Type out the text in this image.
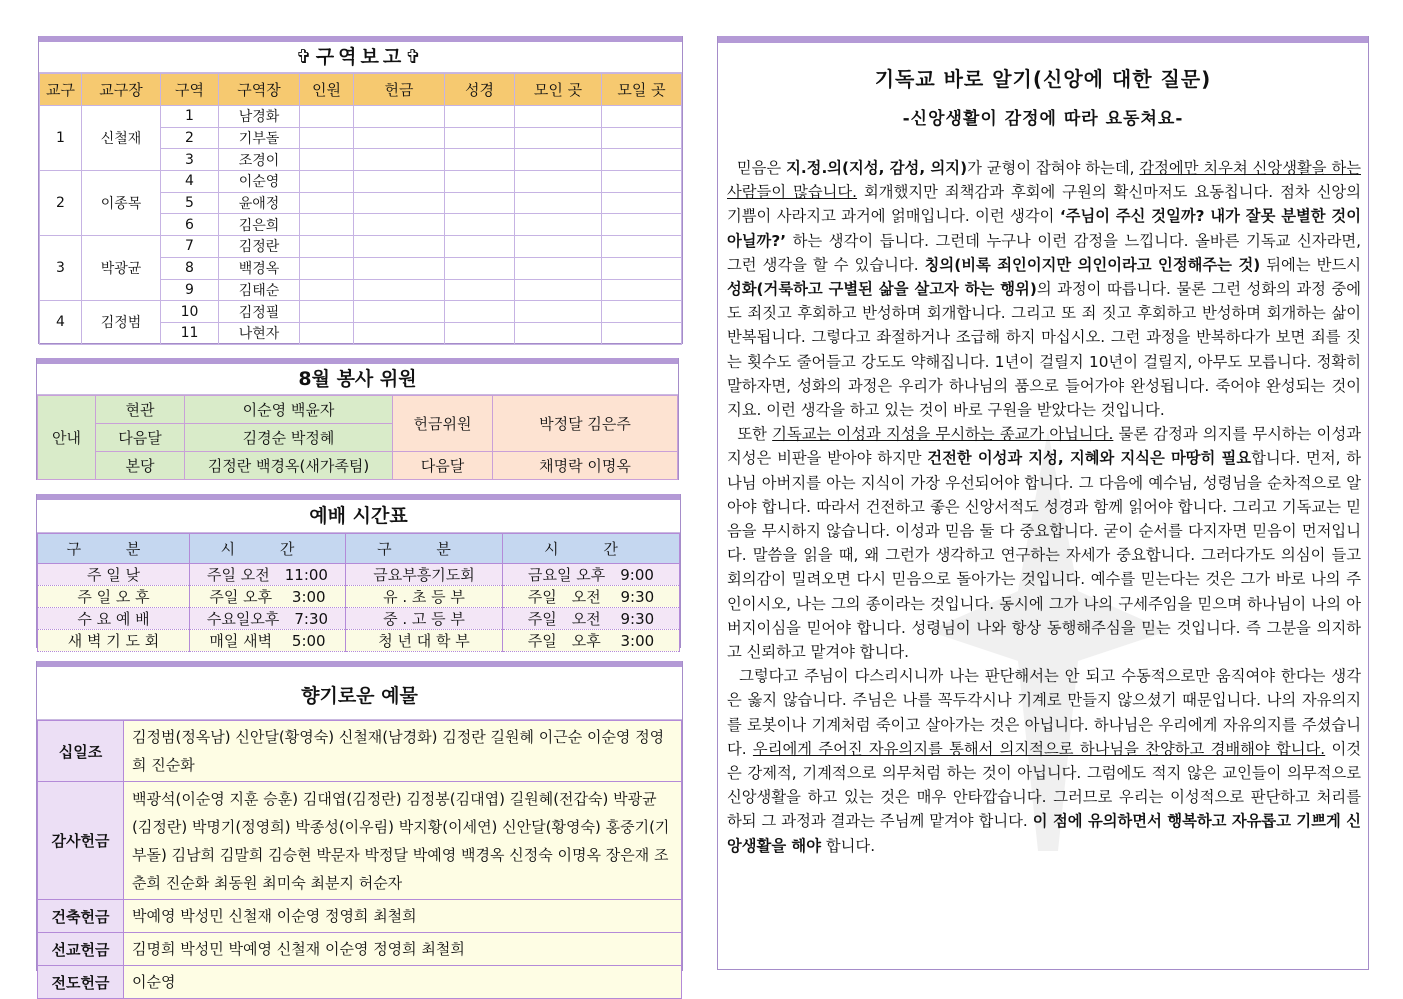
✞구역보고✞
교구	교구장	구역	구역장	인원	헌금	성경	모인 곳	모일 곳
1	신철재	1	남경화					
		2	기부돌					
		3	조경이					
2	이종목	4	이순영					
		5	윤애정					
		6	김은희					
3	박광균	7	김정란					
		8	백경옥					
		9	김태순					
4	김정범	10	김정필					
		11	나현자					
8월 봉사 위원
안내	현관	이순영 백윤자	헌금위원	박정달 김은주
	다음달	김경순 박정혜		
	본당	김정란 백경옥(새가족팀)	다음달	채명락 이명옥
예배 시간표
구 분	시 간	구 분	시 간
주 일 낮	주일 오전　11:00	금요부흥기도회	금요일 오후　9:00
주 일 오 후	주일 오후　 3:00	유 . 초 등 부	주일　오전　 9:30
수 요 예 배	수요일오후　7:30	중 . 고 등 부	주일　오전　 9:30
새 벽 기 도 회	매일 새벽　 5:00	청 년 대 학 부	주일　오후　 3:00
향기로운 예물
십일조	김정범(정옥남) 신안달(황영숙) 신철재(남경화) 김정란 길원혜 이근순 이순영 정영희 진순화
감사헌금	백광석(이순영 지훈 승훈) 김대엽(김정란) 김정봉(김대엽) 길원혜(전갑숙) 박광균(김정란) 박명기(정영희) 박종성(이우림) 박지황(이세연) 신안달(황영숙) 홍중기(기부돌) 김남희 김말희 김승현 박문자 박정달 박예영 백경옥 신정숙 이명옥 장은재 조춘희 진순화 최동원 최미숙 최분지 허순자
건축헌금	박예영 박성민 신철재 이순영 정영희 최철희
선교헌금	김명희 박성민 박예영 신철재 이순영 정영희 최철희
전도헌금	이순영
기독교 바로 알기(신앙에 대한 질문)
-신앙생활이 감정에 따라 요동쳐요-

믿음은 지.정.의(지성, 감성, 의지)가 균형이 잡혀야 하는데, 감정에만 치우쳐 신앙생활을 하는 사람들이 많습니다. 회개했지만 죄책감과 후회에 구원의 확신마저도 요동칩니다. 점차 신앙의 기쁨이 사라지고 과거에 얽매입니다. 이런 생각이 ‘주님이 주신 것일까? 내가 잘못 분별한 것이 아닐까?’ 하는 생각이 듭니다. 그런데 누구나 이런 감정을 느낍니다. 올바른 기독교 신자라면, 그런 생각을 할 수 있습니다. 칭의(비록 죄인이지만 의인이라고 인정해주는 것) 뒤에는 반드시 성화(거룩하고 구별된 삶을 살고자 하는 행위)의 과정이 따릅니다. 물론 그런 성화의 과정 중에도 죄짓고 후회하고 반성하며 회개합니다. 그리고 또 죄 짓고 후회하고 반성하며 회개하는 삶이 반복됩니다. 그렇다고 좌절하거나 조급해 하지 마십시오. 그런 과정을 반복하다가 보면 죄를 짓는 횟수도 줄어들고 강도도 약해집니다. 1년이 걸릴지 10년이 걸릴지, 아무도 모릅니다. 정확히 말하자면, 성화의 과정은 우리가 하나님의 품으로 들어가야 완성됩니다. 죽어야 완성되는 것이지요. 이런 생각을 하고 있는 것이 바로 구원을 받았다는 것입니다.

또한 기독교는 이성과 지성을 무시하는 종교가 아닙니다. 물론 감정과 의지를 무시하는 이성과 지성은 비판을 받아야 하지만 건전한 이성과 지성, 지혜와 지식은 마땅히 필요합니다. 먼저, 하나님 아버지를 아는 지식이 가장 우선되어야 합니다. 그 다음에 예수님, 성령님을 순차적으로 알아야 합니다. 따라서 건전하고 좋은 신앙서적도 성경과 함께 읽어야 합니다. 그리고 기독교는 믿음을 무시하지 않습니다. 이성과 믿음 둘 다 중요합니다. 굳이 순서를 다지자면 믿음이 먼저입니다. 말씀을 읽을 때, 왜 그런가 생각하고 연구하는 자세가 중요합니다. 그러다가도 의심이 들고 회의감이 밀려오면 다시 믿음으로 돌아가는 것입니다. 예수를 믿는다는 것은 그가 바로 나의 주인이시오, 나는 그의 종이라는 것입니다. 동시에 그가 나의 구세주임을 믿으며 하나님이 나의 아버지이심을 믿어야 합니다. 성령님이 나와 항상 동행해주심을 믿는 것입니다. 즉 그분을 의지하고 신뢰하고 맡겨야 합니다.

그렇다고 주님이 다스리시니까 나는 판단해서는 안 되고 수동적으로만 움직여야 한다는 생각은 옳지 않습니다. 주님은 나를 꼭두각시나 기계로 만들지 않으셨기 때문입니다. 나의 자유의지를 로봇이나 기계처럼 죽이고 살아가는 것은 아닙니다. 하나님은 우리에게 자유의지를 주셨습니다. 우리에게 주어진 자유의지를 통해서 의지적으로 하나님을 찬양하고 경배해야 합니다. 이것은 강제적, 기계적으로 의무처럼 하는 것이 아닙니다. 그럼에도 적지 않은 교인들이 의무적으로 신앙생활을 하고 있는 것은 매우 안타깝습니다. 그러므로 우리는 이성적으로 판단하고 처리를 하되 그 과정과 결과는 주님께 맡겨야 합니다. 이 점에 유의하면서 행복하고 자유롭고 기쁘게 신앙생활을 해야 합니다.
